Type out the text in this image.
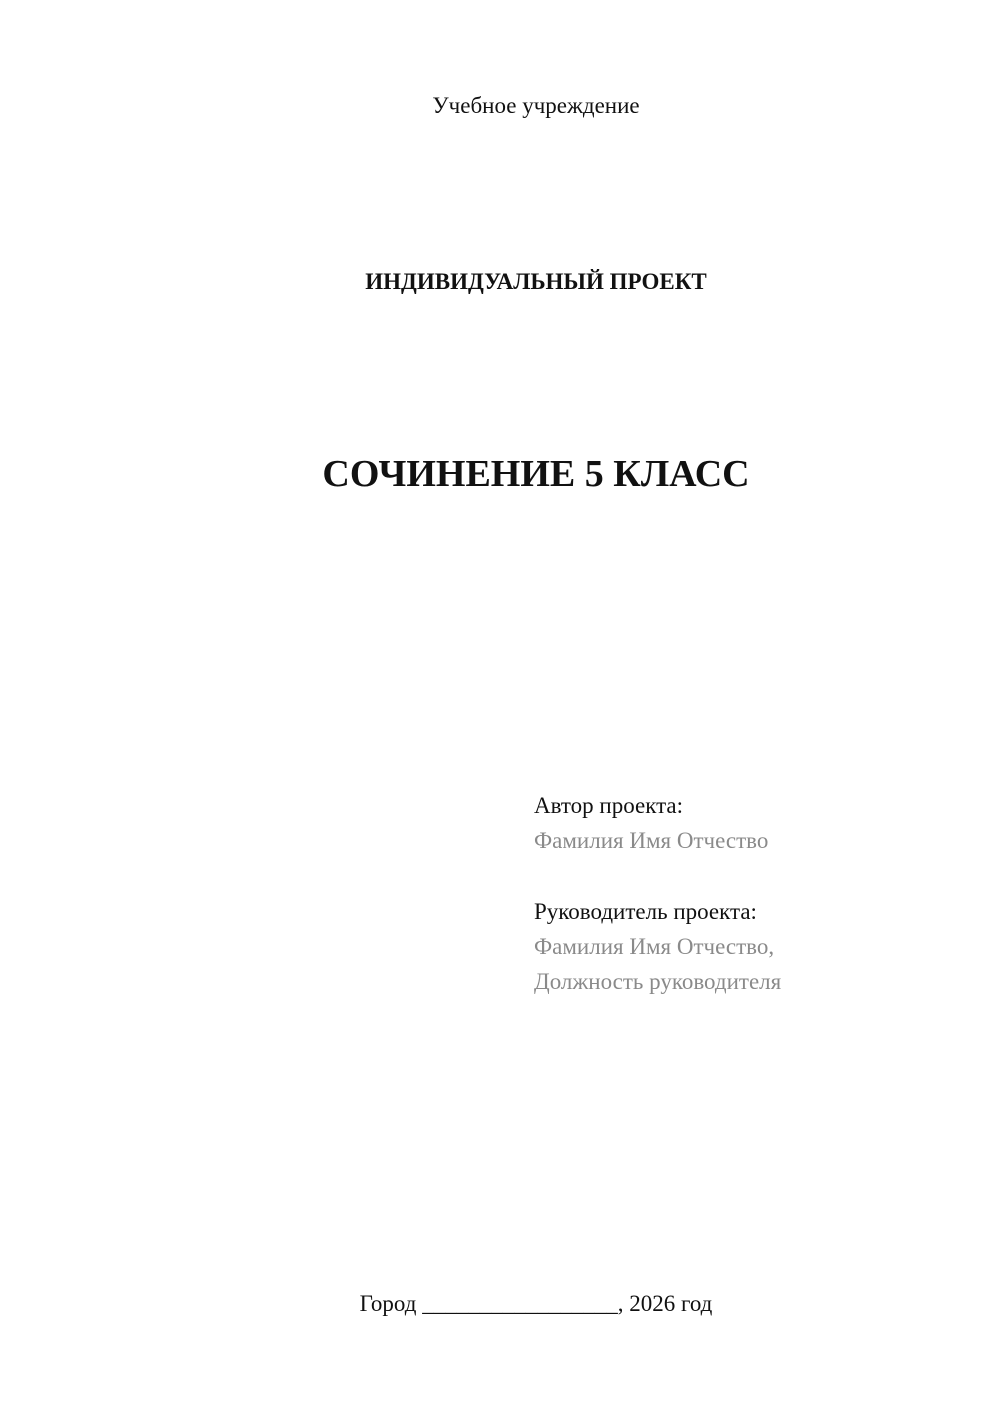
Учебное учреждение
ИНДИВИДУАЛЬНЫЙ ПРОЕКТ
СОЧИНЕНИЕ 5 КЛАСС
Автор проекта:
Фамилия Имя Отчество
Руководитель проекта:
Фамилия Имя Отчество,
Должность руководителя
Город _________________, 2026 год
